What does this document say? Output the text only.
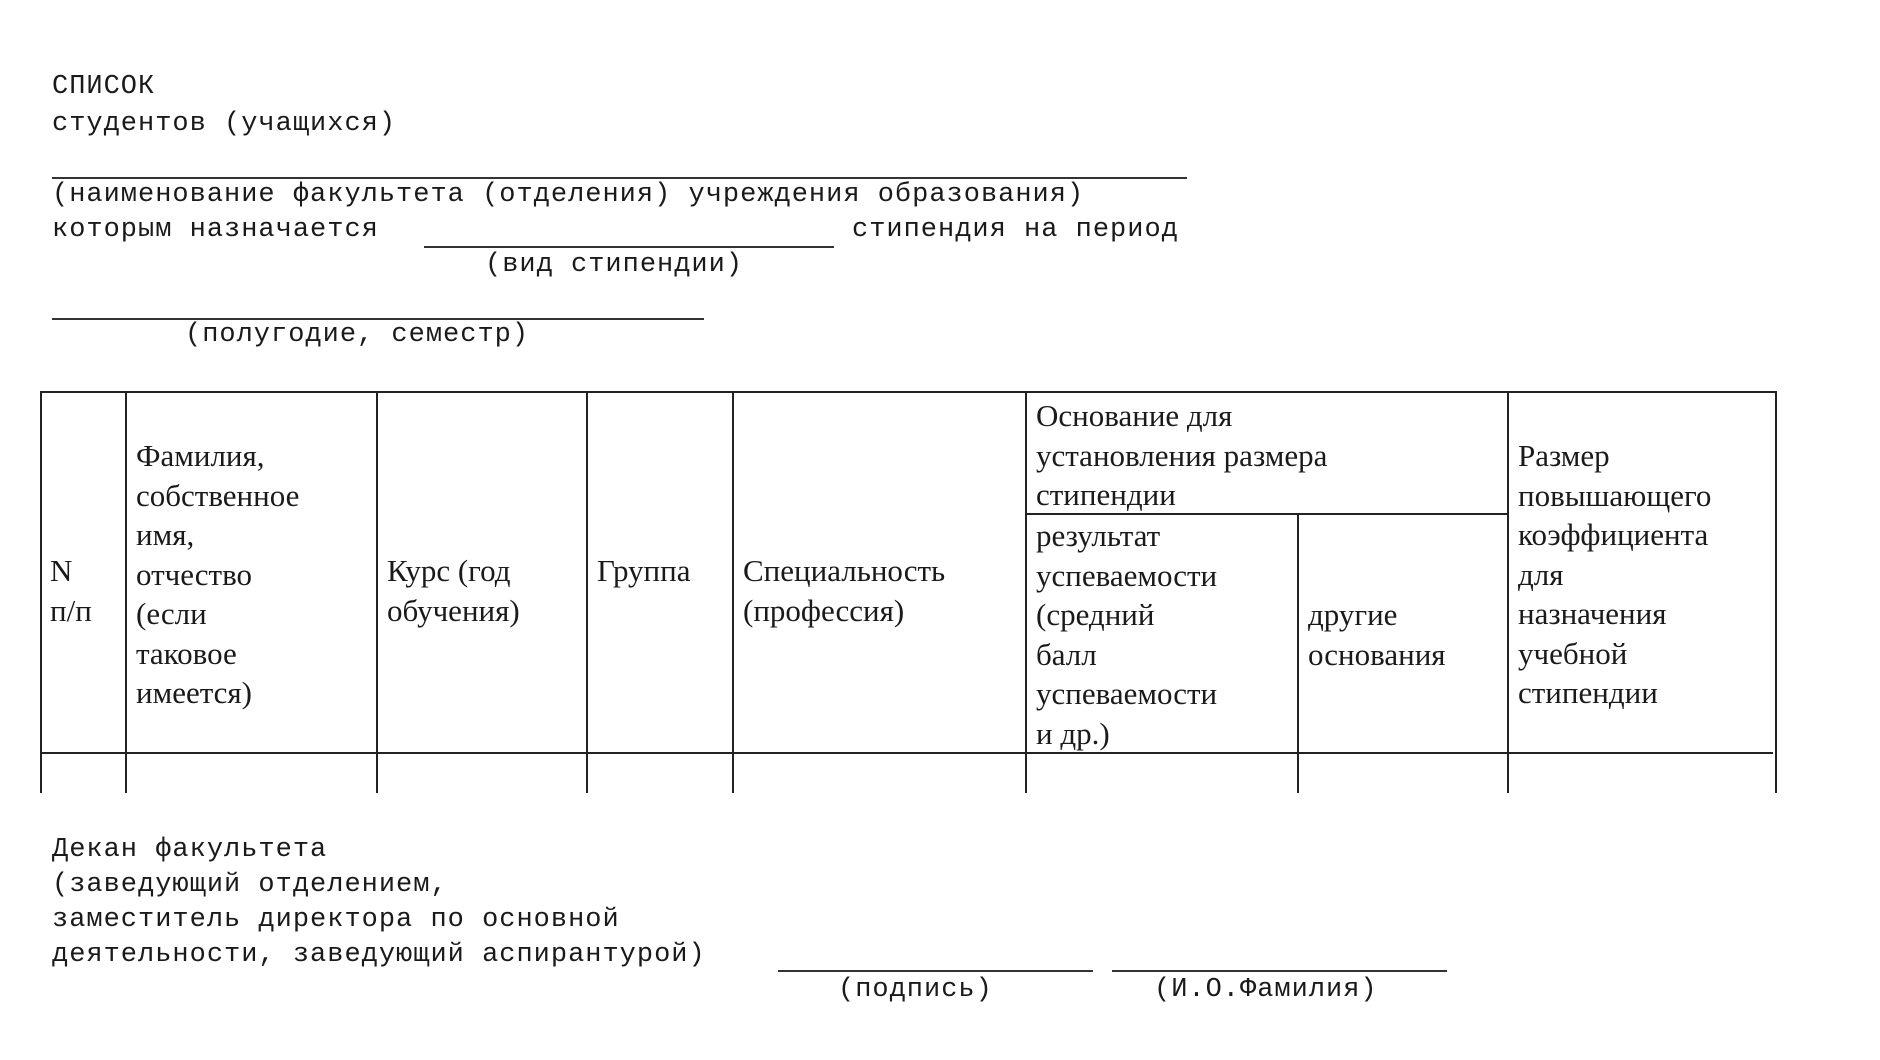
СПИСОК
студентов (учащихся)
(наименование факультета (отделения) учреждения образования)
которым назначается	стипендия на период
(вид стипендии)
(полугодие, семестр)
N
п/п
Фамилия,
собственное
имя,
отчество
(если
таковое
имеется)
Курс (год
обучения)
Группа Специальность
(профессия)
Основание для
установления размера
стипендии
результат
успеваемости
(средний
балл
успеваемости
и др.)
другие
основания
Размер
повышающего
коэффициента
для
назначения
учебной
стипендии
Декан факультета
(заведующий отделением,
заместитель директора по основной
деятельности, заведующий аспирантурой)
(подпись)	(И.О.Фамилия)
